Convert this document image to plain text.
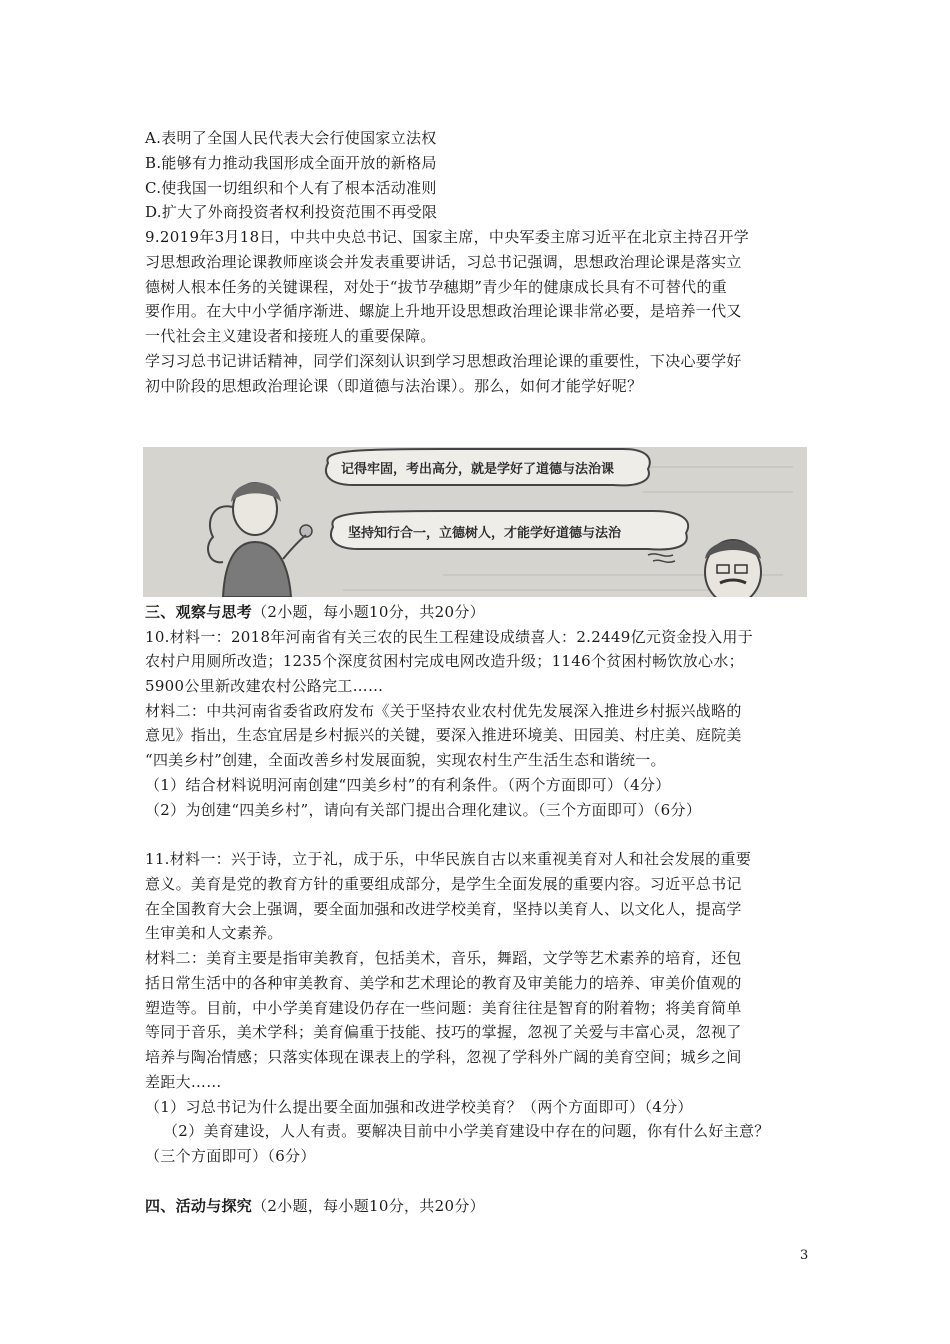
A.表明了全国人民代表大会行使国家立法权
B.能够有力推动我国形成全面开放的新格局
C.使我国一切组织和个人有了根本活动准则
D.扩大了外商投资者权利投资范围不再受限
9.2019年3月18日，中共中央总书记、国家主席，中央军委主席习近平在北京主持召开学
习思想政治理论课教师座谈会并发表重要讲话，习总书记强调，思想政治理论课是落实立
德树人根本任务的关键课程，对处于“拔节孕穗期”青少年的健康成长具有不可替代的重
要作用。在大中小学循序渐进、螺旋上升地开设思想政治理论课非常必要，是培养一代又
一代社会主义建设者和接班人的重要保障。
学习习总书记讲话精神，同学们深刻认识到学习思想政治理论课的重要性，下决心要学好
初中阶段的思想政治理论课（即道德与法治课）。那么，如何才能学好呢？
记得牢固，考出高分，就是学好了道德与法治课
坚持知行合一，立德树人，才能学好道德与法治
三、观察与思考（2小题，每小题10分，共20分）
10.材料一：2018年河南省有关三农的民生工程建设成绩喜人：2.2449亿元资金投入用于
农村户用厕所改造；1235个深度贫困村完成电网改造升级；1146个贫困村畅饮放心水；
5900公里新改建农村公路完工……
材料二：中共河南省委省政府发布《关于坚持农业农村优先发展深入推进乡村振兴战略的
意见》指出，生态宜居是乡村振兴的关键，要深入推进环境美、田园美、村庄美、庭院美
“四美乡村”创建，全面改善乡村发展面貌，实现农村生产生活生态和谐统一。
（1）结合材料说明河南创建“四美乡村”的有利条件。（两个方面即可）（4分）
（2）为创建“四美乡村”，请向有关部门提出合理化建议。（三个方面即可）（6分）
11.材料一：兴于诗，立于礼，成于乐，中华民族自古以来重视美育对人和社会发展的重要
意义。美育是党的教育方针的重要组成部分，是学生全面发展的重要内容。习近平总书记
在全国教育大会上强调，要全面加强和改进学校美育，坚持以美育人、以文化人，提高学
生审美和人文素养。
材料二：美育主要是指审美教育，包括美术，音乐，舞蹈，文学等艺术素养的培育，还包
括日常生活中的各种审美教育、美学和艺术理论的教育及审美能力的培养、审美价值观的
塑造等。目前，中小学美育建设仍存在一些问题：美育往往是智育的附着物；将美育简单
等同于音乐，美术学科；美育偏重于技能、技巧的掌握，忽视了关爱与丰富心灵，忽视了
培养与陶冶情感；只落实体现在课表上的学科，忽视了学科外广阔的美育空间；城乡之间
差距大……
（1）习总书记为什么提出要全面加强和改进学校美育？（两个方面即可）（4分）
（2）美育建设，人人有责。要解决目前中小学美育建设中存在的问题，你有什么好主意？
（三个方面即可）（6分）
四、活动与探究（2小题，每小题10分，共20分）
3
